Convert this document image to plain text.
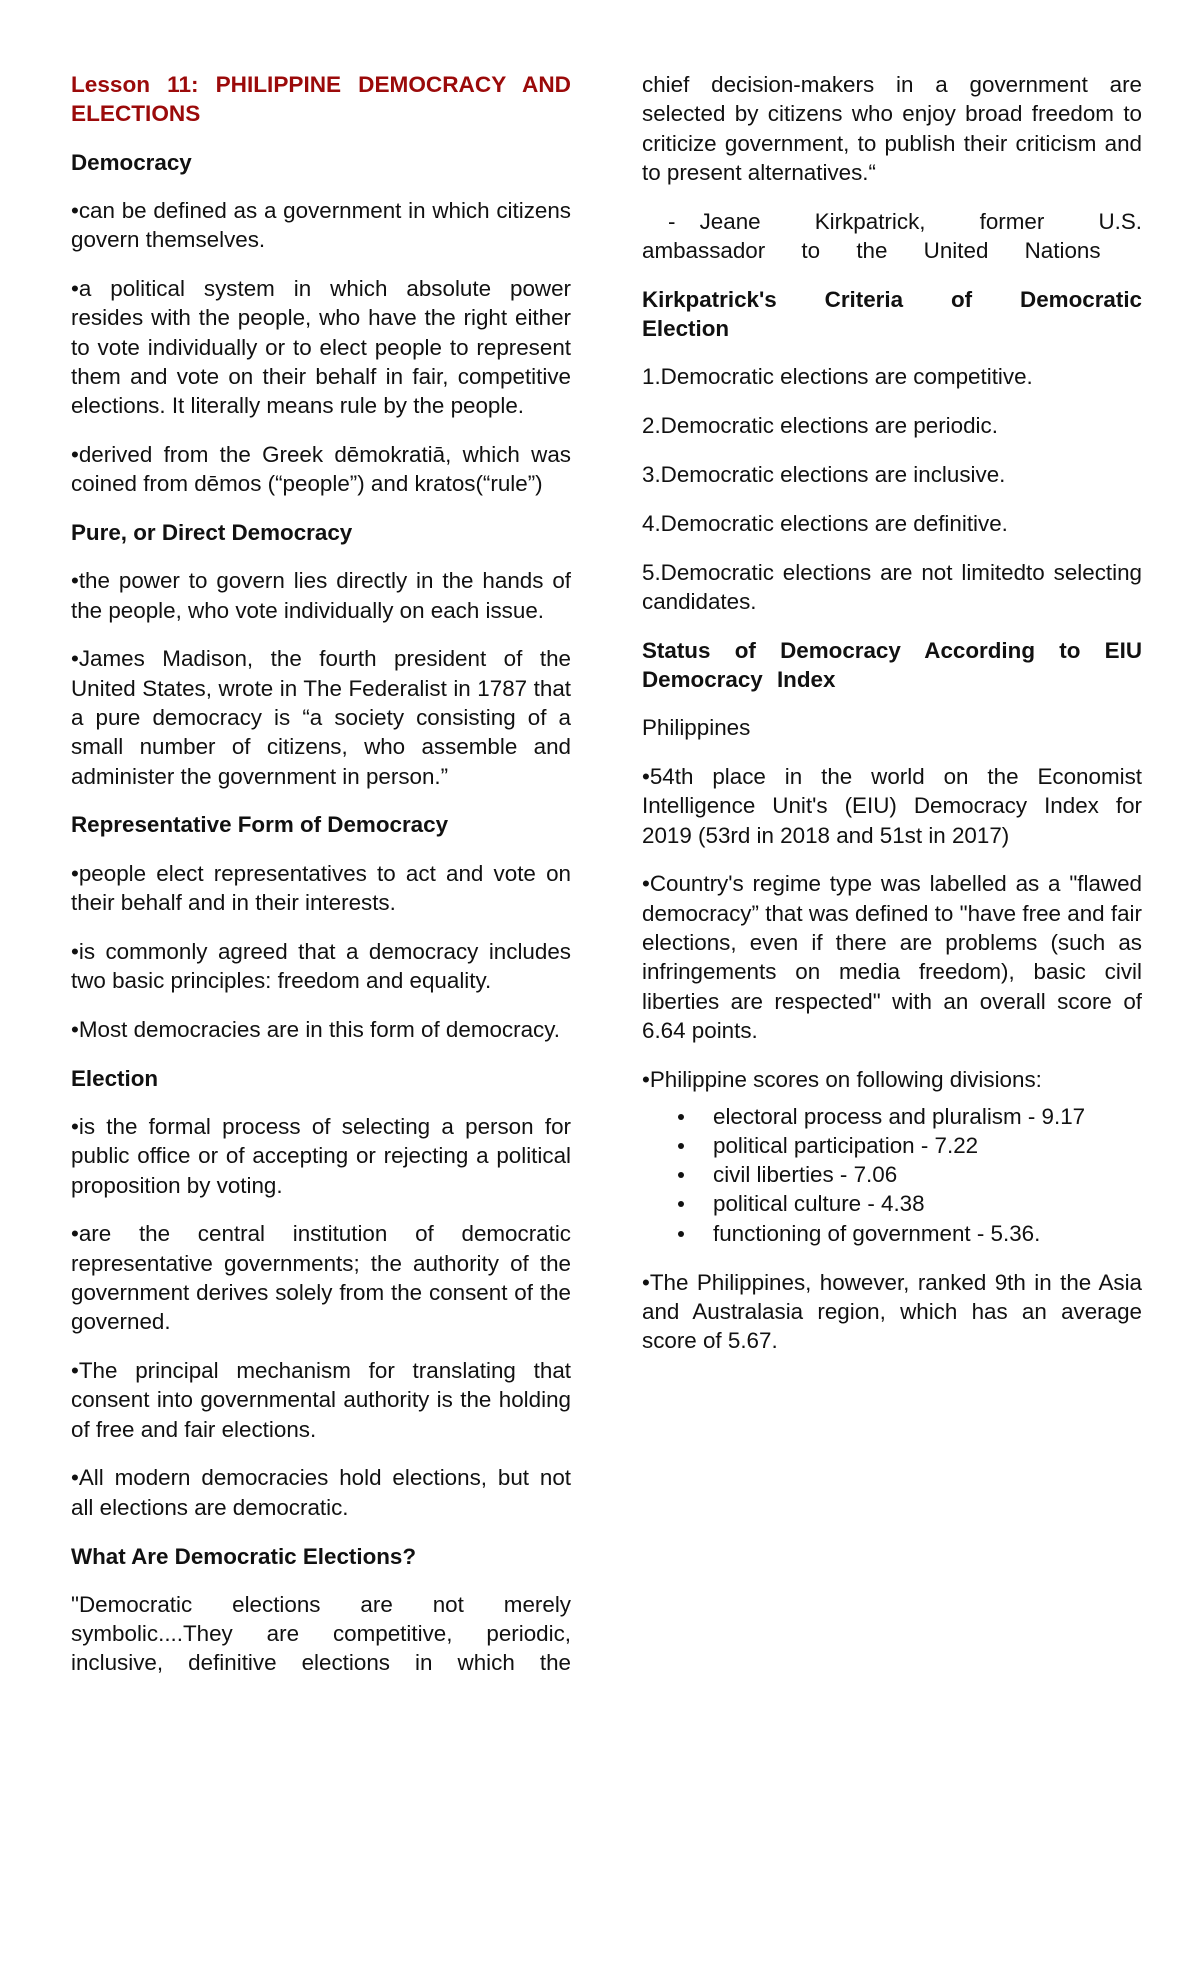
Lesson 11: PHILIPPINE DEMOCRACY AND ELECTIONS
Democracy

•can be defined as a government in which citizens govern themselves.

•a political system in which absolute power resides with the people, who have the right either to vote individually or to elect people to represent them and vote on their behalf in fair, competitive elections. It literally means rule by the people.

•derived from the Greek dēmokratiā, which was coined from dēmos (“people”) and kratos(“rule”)

Pure, or Direct Democracy

•the power to govern lies directly in the hands of the people, who vote individually on each issue.

•James Madison, the fourth president of the United States, wrote in The Federalist in 1787 that a pure democracy is “a society consisting of a small number of citizens, who assemble and administer the government in person.”

Representative Form of Democracy

•people elect representatives to act and vote on their behalf and in their interests.

•is commonly agreed that a democracy includes two basic principles: freedom and equality.

•Most democracies are in this form of democracy.

Election

•is the formal process of selecting a person for public office or of accepting or rejecting a political proposition by voting.

•are the central institution of democratic representative governments; the authority of the government derives solely from the consent of the governed.

•The principal mechanism for translating that consent into governmental authority is the holding of free and fair elections.

•All modern democracies hold elections, but not all elections are democratic.

What Are Democratic Elections?

"Democratic elections are not merely symbolic....They are competitive, periodic, inclusive, definitive elections in which the

chief decision-makers in a government are selected by citizens who enjoy broad freedom to criticize government, to publish their criticism and to present alternatives.“

- Jeane Kirkpatrick, former U.S. ambassador to the United Nations

Kirkpatrick's Criteria of Democratic Election

1.Democratic elections are competitive.

2.Democratic elections are periodic.

3.Democratic elections are inclusive.

4.Democratic elections are definitive.

5.Democratic elections are not limitedto selecting candidates.

Status of Democracy According to EIU Democracy Index

Philippines

•54th place in the world on the Economist Intelligence Unit's (EIU) Democracy Index for 2019 (53rd in 2018 and 51st in 2017)

•Country's regime type was labelled as a "flawed democracy” that was defined to "have free and fair elections, even if there are problems (such as infringements on media freedom), basic civil liberties are respected" with an overall score of 6.64 points.

•Philippine scores on following divisions:

electoral process and pluralism - 9.17
political participation - 7.22
civil liberties - 7.06
political culture - 4.38
functioning of government - 5.36.

•The Philippines, however, ranked 9th in the Asia and Australasia region, which has an average score of 5.67.
